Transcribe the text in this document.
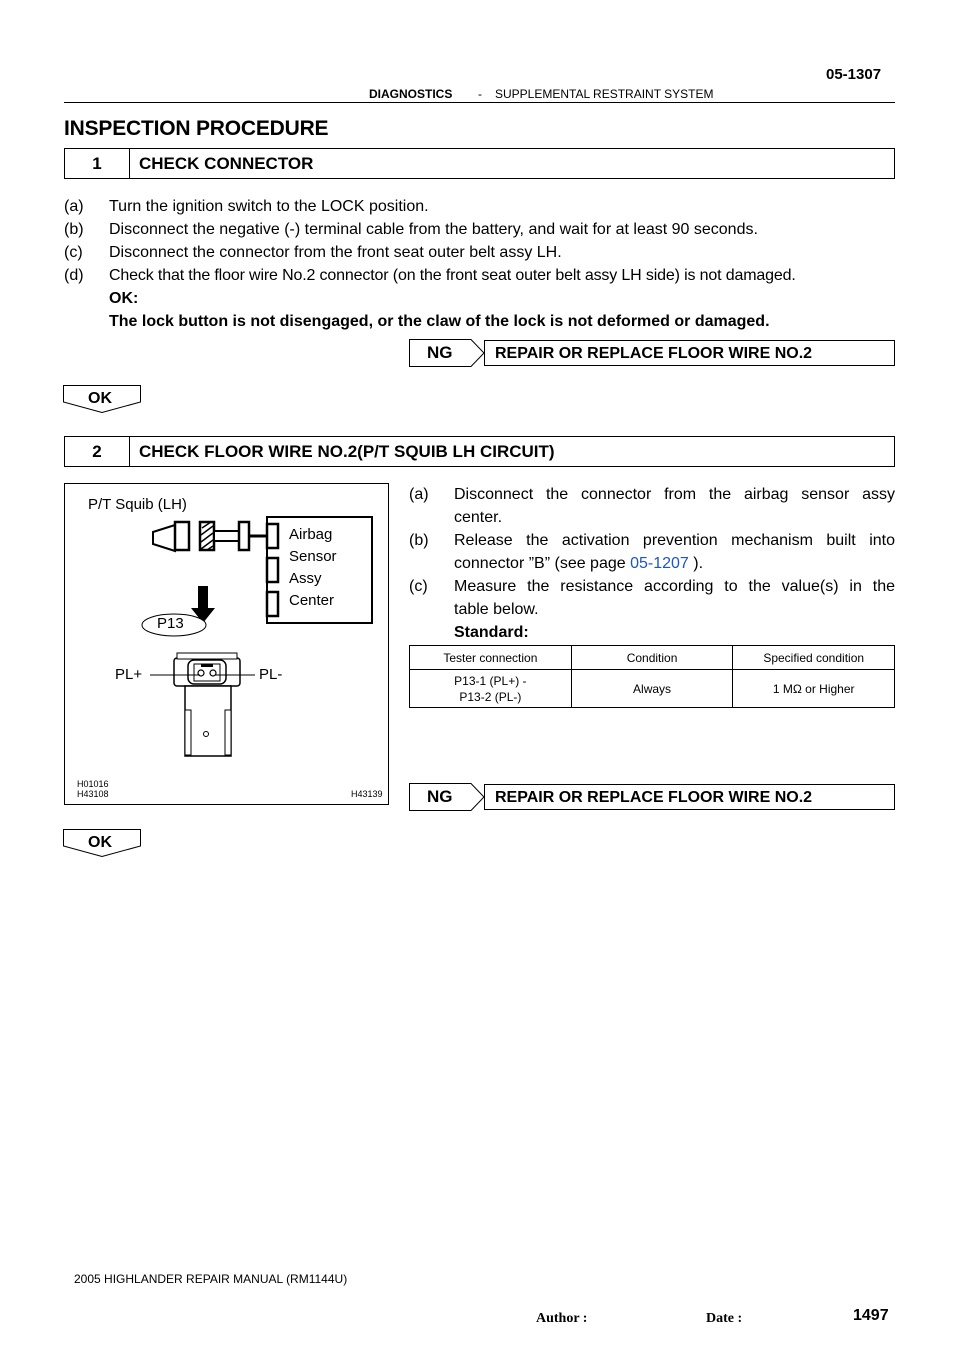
DIAGNOSTICS - SUPPLEMENTAL RESTRAINT SYSTEM
05-1307
INSPECTION PROCEDURE
1	CHECK CONNECTOR
(a)	Turn the ignition switch to the LOCK position.
(b)	Disconnect the negative (-) terminal cable from the battery, and wait for at least 90 seconds.
(c)	Disconnect the connector from the front seat outer belt assy LH.
(d)	Check that the floor wire No.2 connector (on the front seat outer belt assy LH side) is not damaged.
OK:
The lock button is not disengaged, or the claw of the lock is not deformed or damaged.
NG	REPAIR OR REPLACE FLOOR WIRE NO.2
OK
2	CHECK FLOOR WIRE NO.2(P/T SQUIB LH CIRCUIT)
P/T Squib (LH)
Airbag
Sensor
Assy
Center
P13
PL+	PL-
H01016
H43108	H43139
(a)	Disconnect the connector from the airbag sensor assy
center.
(b)	Release the activation prevention mechanism built into
connector ”B” (see page 05-1207 ).
(c)	Measure the resistance according to the value(s) in the
table below.
Standard:
Tester connection	Condition	Specified condition

P13-1 (PL+) -
P13-2 (PL-)	Always	1 MΩ or Higher
NG	REPAIR OR REPLACE FLOOR WIRE NO.2
OK
2005 HIGHLANDER REPAIR MANUAL (RM1144U)
Author :	Date :	1497
